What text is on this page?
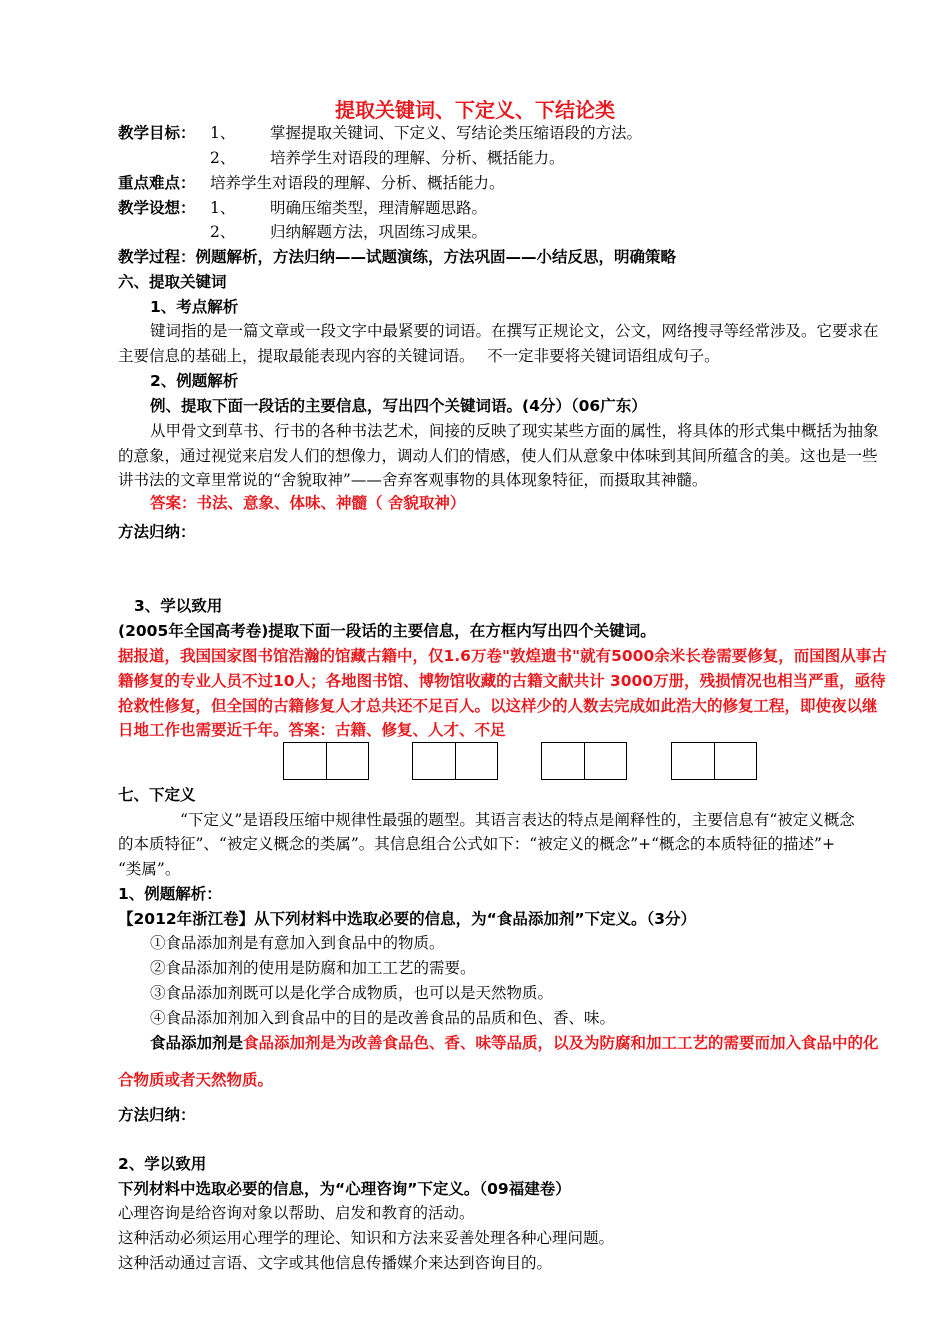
提取关键词、下定义、下结论类
教学目标： 1、 掌握提取关键词、下定义、写结论类压缩语段的方法。
2、 培养学生对语段的理解、分析、概括能力。
重点难点： 培养学生对语段的理解、分析、概括能力。
教学设想： 1、 明确压缩类型，理清解题思路。
2、 归纳解题方法，巩固练习成果。
教学过程：例题解析，方法归纳——试题演练，方法巩固——小结反思，明确策略
六、提取关键词
1、考点解析
键词指的是一篇文章或一段文字中最紧要的词语。在撰写正规论文，公文，网络搜寻等经常涉及。它要求在
主要信息的基础上，提取最能表现内容的关键词语。　 不一定非要将关键词语组成句子。
2、例题解析
例、提取下面一段话的主要信息，写出四个关键词语。(4分）（06广东）
从甲骨文到草书、行书的各种书法艺术，间接的反映了现实某些方面的属性，将具体的形式集中概括为抽象
的意象，通过视觉来启发人们的想像力，调动人们的情感，使人们从意象中体味到其间所蕴含的美。这也是一些
讲书法的文章里常说的“舍貌取神”——舍弃客观事物的具体现象特征，而摄取其神髓。
答案：书法、意象、体味、神髓（ 舍貌取神）
方法归纳：
3、学以致用
(2005年全国高考卷)提取下面一段话的主要信息，在方框内写出四个关键词。
据报道，我国国家图书馆浩瀚的馆藏古籍中，仅1.6万卷"敦煌遗书"就有5000余米长卷需要修复，而国图从事古
籍修复的专业人员不过10人；各地图书馆、博物馆收藏的古籍文献共计 3000万册，残损情况也相当严重，亟待
抢救性修复，但全国的古籍修复人才总共还不足百人。以这样少的人数去完成如此浩大的修复工程，即使夜以继
日地工作也需要近千年。答案：古籍、修复、人才、不足
七、下定义
“下定义”是语段压缩中规律性最强的题型。其语言表达的特点是阐释性的，主要信息有“被定义概念
的本质特征”、“被定义概念的类属”。其信息组合公式如下：“被定义的概念”+“概念的本质特征的描述”+
“类属”。
1、例题解析：
【2012年浙江卷】从下列材料中选取必要的信息，为“食品添加剂”下定义。（3分）
①食品添加剂是有意加入到食品中的物质。
②食品添加剂的使用是防腐和加工工艺的需要。
③食品添加剂既可以是化学合成物质，也可以是天然物质。
④食品添加剂加入到食品中的目的是改善食品的品质和色、香、味。
食品添加剂是食品添加剂是为改善食品色、香、味等品质，以及为防腐和加工工艺的需要而加入食品中的化
合物质或者天然物质。
方法归纳：
2、学以致用
下列材料中选取必要的信息，为“心理咨询”下定义。（09福建卷）
心理咨询是给咨询对象以帮助、启发和教育的活动。
这种活动必须运用心理学的理论、知识和方法来妥善处理各种心理问题。
这种活动通过言语、文字或其他信息传播媒介来达到咨询目的。
